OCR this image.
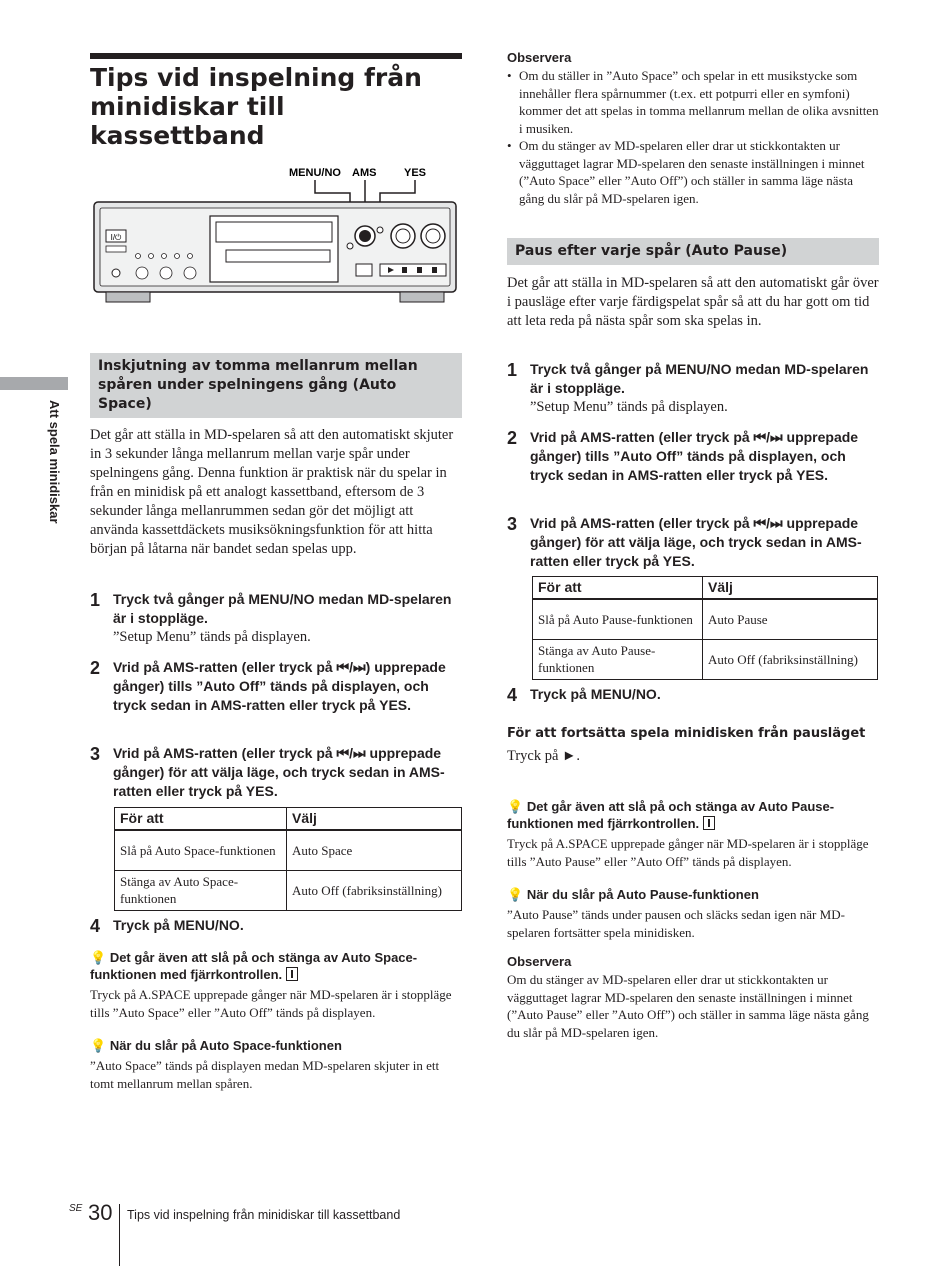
Att spela minidiskar
Tips vid inspelning från minidiskar till kassettband
MENU/NO AMS	YES
I/⏻
Inskjutning av tomma mellanrum mellan spåren under spelningens gång (Auto Space)

Det går att ställa in MD-spelaren så att den automatiskt skjuter in 3 sekunder långa mellanrum mellan varje spår under spelningens gång. Denna funktion är praktisk när du spelar in från en minidisk på ett analogt kassettband, eftersom de 3 sekunder långa mellanrummen sedan gör det möjligt att använda kassettdäckets musiksökningsfunktion för att hitta början på låtarna när bandet sedan spelas upp.

1 Tryck två gånger på MENU/NO medan MD-spelaren är i stoppläge.
”Setup Menu” tänds på displayen.
2 Vrid på AMS-ratten (eller tryck på ⏮/⏭) upprepade gånger) tills ”Auto Off” tänds på displayen, och tryck sedan in AMS-ratten eller tryck på YES.
3 Vrid på AMS-ratten (eller tryck på ⏮/⏭ upprepade gånger) för att välja läge, och tryck sedan in AMS-ratten eller tryck på YES.
För att	Välj
Slå på Auto Space-funktionen	Auto Space
Stänga av Auto Space-funktionen	Auto Off (fabriksinställning)
4 Tryck på MENU/NO.
💡 Det går även att slå på och stänga av Auto Space-funktionen med fjärrkontrollen.
Tryck på A.SPACE upprepade gånger när MD-spelaren är i stoppläge tills ”Auto Space” eller ”Auto Off” tänds på displayen.
💡 När du slår på Auto Space-funktionen
”Auto Space” tänds på displayen medan MD-spelaren skjuter in ett tomt mellanrum mellan spåren.
Observera
• Om du ställer in ”Auto Space” och spelar in ett musikstycke som innehåller flera spårnummer (t.ex. ett potpurri eller en symfoni) kommer det att spelas in tomma mellanrum mellan de olika avsnitten i musiken.
• Om du stänger av MD-spelaren eller drar ut stickkontakten ur vägguttaget lagrar MD-spelaren den senaste inställningen i minnet (”Auto Space” eller ”Auto Off”) och ställer in samma läge nästa gång du slår på MD-spelaren igen.
Paus efter varje spår (Auto Pause)

Det går att ställa in MD-spelaren så att den automatiskt går över i pausläge efter varje färdigspelat spår så att du har gott om tid att leta reda på nästa spår som ska spelas in.

1 Tryck två gånger på MENU/NO medan MD-spelaren är i stoppläge.
”Setup Menu” tänds på displayen.
2 Vrid på AMS-ratten (eller tryck på ⏮/⏭ upprepade gånger) tills ”Auto Off” tänds på displayen, och tryck sedan in AMS-ratten eller tryck på YES.
3 Vrid på AMS-ratten (eller tryck på ⏮/⏭ upprepade gånger) för att välja läge, och tryck sedan in AMS-ratten eller tryck på YES.
För att	Välj
Slå på Auto Pause-funktionen	Auto Pause
Stänga av Auto Pause-funktionen	Auto Off (fabriksinställning)
4 Tryck på MENU/NO.
För att fortsätta spela minidisken från pausläget
Tryck på ►.
💡 Det går även att slå på och stänga av Auto Pause-funktionen med fjärrkontrollen.
Tryck på A.SPACE upprepade gånger när MD-spelaren är i stoppläge tills ”Auto Pause” eller ”Auto Off” tänds på displayen.
💡 När du slår på Auto Pause-funktionen
”Auto Pause” tänds under pausen och släcks sedan igen när MD-spelaren fortsätter spela minidisken.
Observera
Om du stänger av MD-spelaren eller drar ut stickkontakten ur vägguttaget lagrar MD-spelaren den senaste inställningen i minnet (”Auto Pause” eller ”Auto Off”) och ställer in samma läge nästa gång du slår på MD-spelaren igen.
SE 30 Tips vid inspelning från minidiskar till kassettband
